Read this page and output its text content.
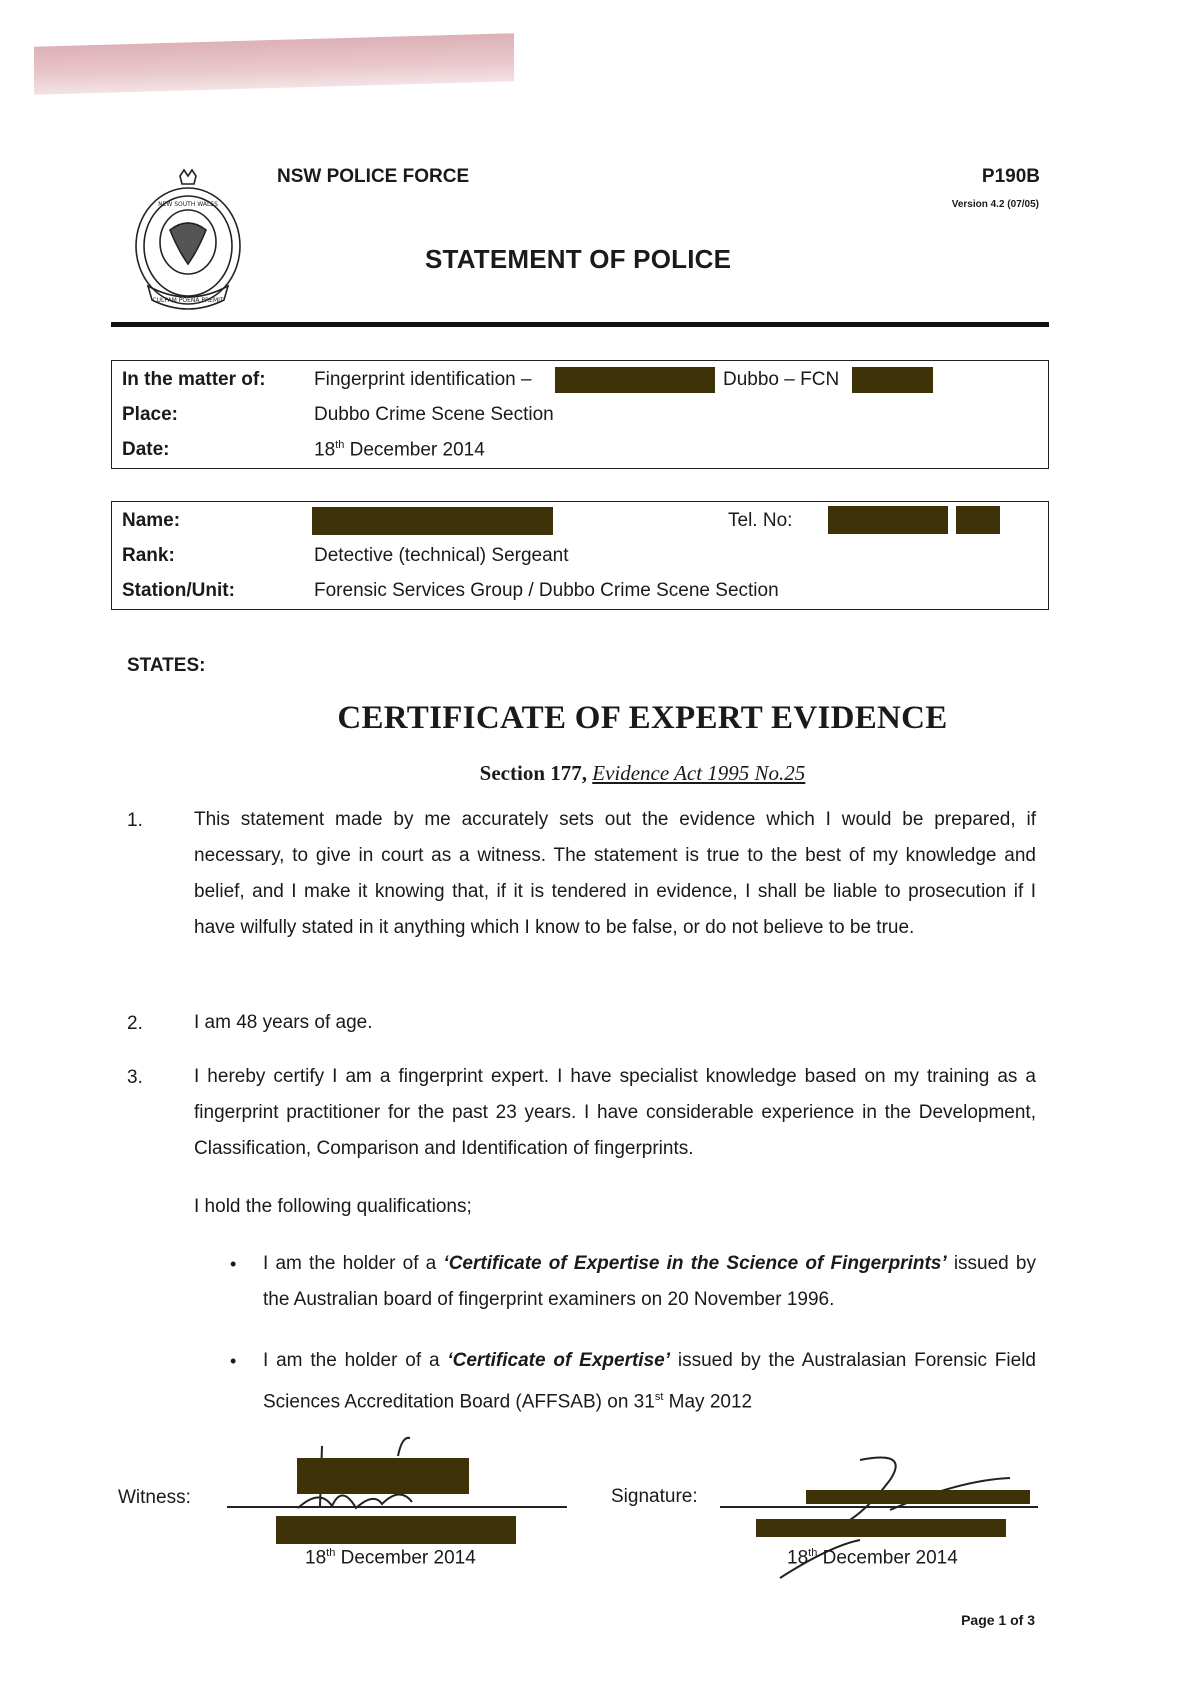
NEW SOUTH WALES
CULPAM POENA PREMIT
NSW POLICE FORCE	P190B
Version 4.2 (07/05)
STATEMENT OF POLICE
In the matter of:	Fingerprint identification –	Dubbo – FCN
Place:	Dubbo Crime Scene Section
Date:	18th December 2014
Name:	Tel. No:
Rank:	Detective (technical) Sergeant
Station/Unit:	Forensic Services Group / Dubbo Crime Scene Section
STATES:
CERTIFICATE OF EXPERT EVIDENCE
Section 177, Evidence Act 1995 No.25
1.	This statement made by me accurately sets out the evidence which I would be prepared, if necessary, to give in court as a witness. The statement is true to the best of my knowledge and belief, and I make it knowing that, if it is tendered in evidence, I shall be liable to prosecution if I have wilfully stated in it anything which I know to be false, or do not believe to be true.
2.	I am 48 years of age.
3.	I hereby certify I am a fingerprint expert. I have specialist knowledge based on my training as a fingerprint practitioner for the past 23 years. I have considerable experience in the Development, Classification, Comparison and Identification of fingerprints.
I hold the following qualifications;
• I am the holder of a ‘Certificate of Expertise in the Science of Fingerprints’ issued by the Australian board of fingerprint examiners on 20 November 1996.
• I am the holder of a ‘Certificate of Expertise’ issued by the Australasian Forensic Field Sciences Accreditation Board (AFFSAB) on 31st May 2012
Witness:
18th December 2014
Signature:
18th December 2014
Page 1 of 3
